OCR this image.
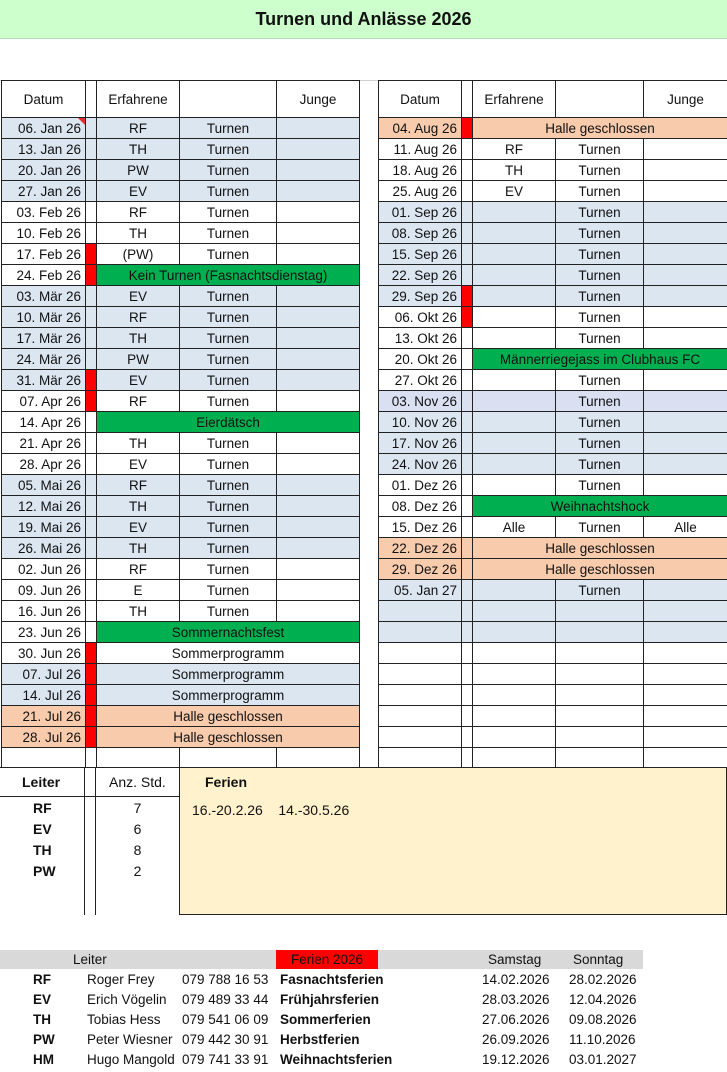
Turnen und Anlässe 2026
Datum		Erfahrene		Junge
06. Jan 26		RF	Turnen	
13. Jan 26		TH	Turnen	
20. Jan 26		PW	Turnen	
27. Jan 26		EV	Turnen	
03. Feb 26		RF	Turnen	
10. Feb 26		TH	Turnen	
17. Feb 26		(PW)	Turnen	
24. Feb 26		Kein Turnen (Fasnachtsdienstag)		
03. Mär 26		EV	Turnen	
10. Mär 26		RF	Turnen	
17. Mär 26		TH	Turnen	
24. Mär 26		PW	Turnen	
31. Mär 26		EV	Turnen	
07. Apr 26		RF	Turnen	
14. Apr 26		Eierdätsch		
21. Apr 26		TH	Turnen	
28. Apr 26		EV	Turnen	
05. Mai 26		RF	Turnen	
12. Mai 26		TH	Turnen	
19. Mai 26		EV	Turnen	
26. Mai 26		TH	Turnen	
02. Jun 26		RF	Turnen	
09. Jun 26		E	Turnen	
16. Jun 26		TH	Turnen	
23. Jun 26		Sommernachtsfest		
30. Jun 26		Sommerprogramm		
07. Jul 26		Sommerprogramm		
14. Jul 26		Sommerprogramm		
21. Jul 26		Halle geschlossen		
28. Jul 26		Halle geschlossen		

Datum		Erfahrene		Junge
04. Aug 26		Halle geschlossen		
11. Aug 26		RF	Turnen	
18. Aug 26		TH	Turnen	
25. Aug 26		EV	Turnen	
01. Sep 26			Turnen	
08. Sep 26			Turnen	
15. Sep 26			Turnen	
22. Sep 26			Turnen	
29. Sep 26			Turnen	
06. Okt 26			Turnen	
13. Okt 26			Turnen	
20. Okt 26		Männerriegejass im Clubhaus FC		
27. Okt 26			Turnen	
03. Nov 26			Turnen	
10. Nov 26			Turnen	
17. Nov 26			Turnen	
24. Nov 26			Turnen	
01. Dez 26			Turnen	
08. Dez 26		Weihnachtshock		
15. Dez 26		Alle	Turnen	Alle
22. Dez 26		Halle geschlossen		
29. Dez 26		Halle geschlossen		
05. Jan 27			Turnen	

Leiter	Anz. Std.	Ferien
16.-20.2.26    14.-30.5.26
RF	7
EV	6
TH	8
PW	2
Leiter	Ferien 2026	Samstag Sonntag
RF	Roger Frey 079 788 16 53 Fasnachtsferien	14.02.2026 28.02.2026
EV	Erich Vögelin 079 489 33 44 Frühjahrsferien	28.03.2026 12.04.2026
TH	Tobias Hess 079 541 06 09 Sommerferien	27.06.2026 09.08.2026
PW Peter Wiesner 079 442 30 91 Herbstferien	26.09.2026 11.10.2026
HM Hugo Mangold 079 741 33 91 Weihnachtsferien	19.12.2026 03.01.2027
